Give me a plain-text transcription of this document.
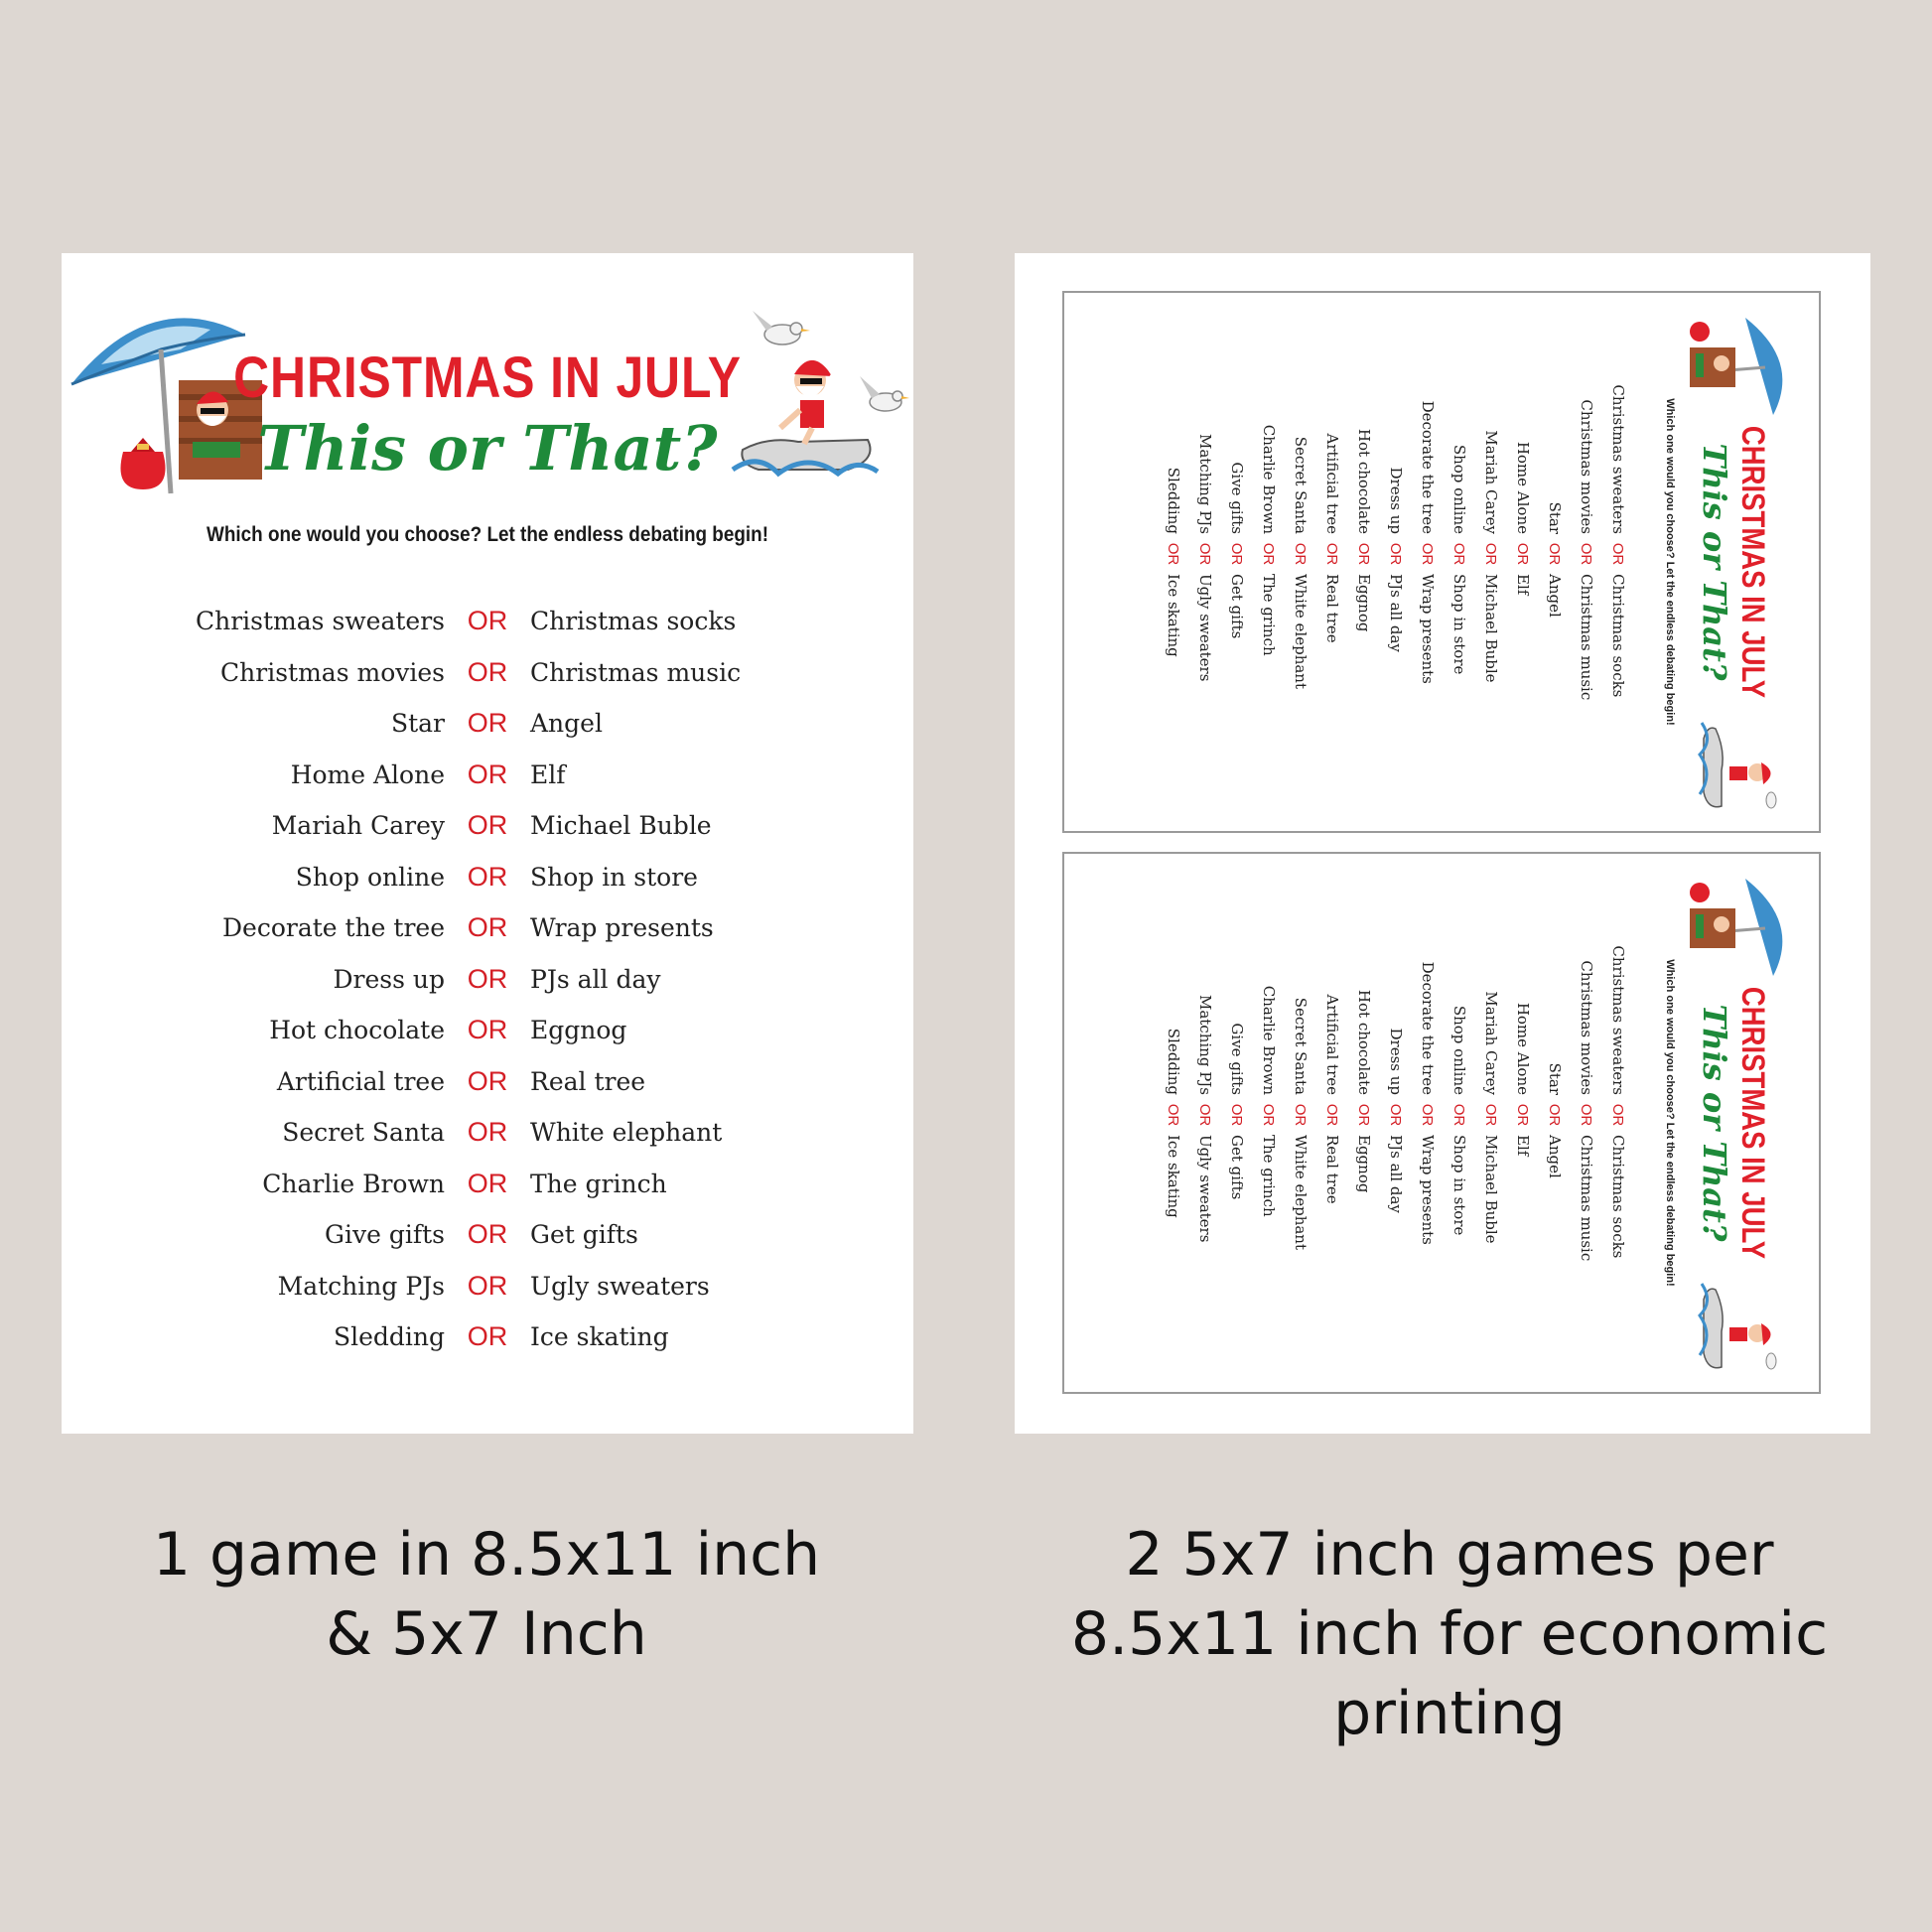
CHRISTMAS IN JULY
This or That?
Which one would you choose? Let the endless debating begin!
Christmas sweaters OR Christmas socks
Christmas movies OR Christmas music
Star OR Angel
Home Alone OR Elf
Mariah Carey OR Michael Buble
Shop online OR Shop in store
Decorate the tree OR Wrap presents
Dress up OR PJs all day
Hot chocolate OR Eggnog
Artificial tree OR Real tree
Secret Santa OR White elephant
Charlie Brown OR The grinch
Give gifts OR Get gifts
Matching PJs OR Ugly sweaters
Sledding OR Ice skating
CHRISTMAS IN JULY
This or That?
Which one would you choose? Let the endless debating begin!
Christmas sweaters
OR
Christmas socks
Christmas movies
OR
Christmas music
Star
OR
Angel
Home Alone
OR
Elf
Mariah Carey
OR
Michael Buble
Shop online
OR
Shop in store
Decorate the tree
OR
Wrap presents
Dress up
OR
PJs all day
Hot chocolate
OR
Eggnog
Artificial tree
OR
Real tree
Secret Santa
OR
White elephant
Charlie Brown
OR
The grinch
Give gifts
OR
Get gifts
Matching PJs
OR
Ugly sweaters
Sledding
OR
Ice skating
CHRISTMAS IN JULY
This or That?
Which one would you choose? Let the endless debating begin!
Christmas sweaters
OR
Christmas socks
Christmas movies
OR
Christmas music
Star
OR
Angel
Home Alone
OR
Elf
Mariah Carey
OR
Michael Buble
Shop online
OR
Shop in store
Decorate the tree
OR
Wrap presents
Dress up
OR
PJs all day
Hot chocolate
OR
Eggnog
Artificial tree
OR
Real tree
Secret Santa
OR
White elephant
Charlie Brown
OR
The grinch
Give gifts
OR
Get gifts
Matching PJs
OR
Ugly sweaters
Sledding
OR
Ice skating
1 game in 8.5x11 inch
& 5x7 Inch
2 5x7 inch games per
8.5x11 inch for economic
printing
